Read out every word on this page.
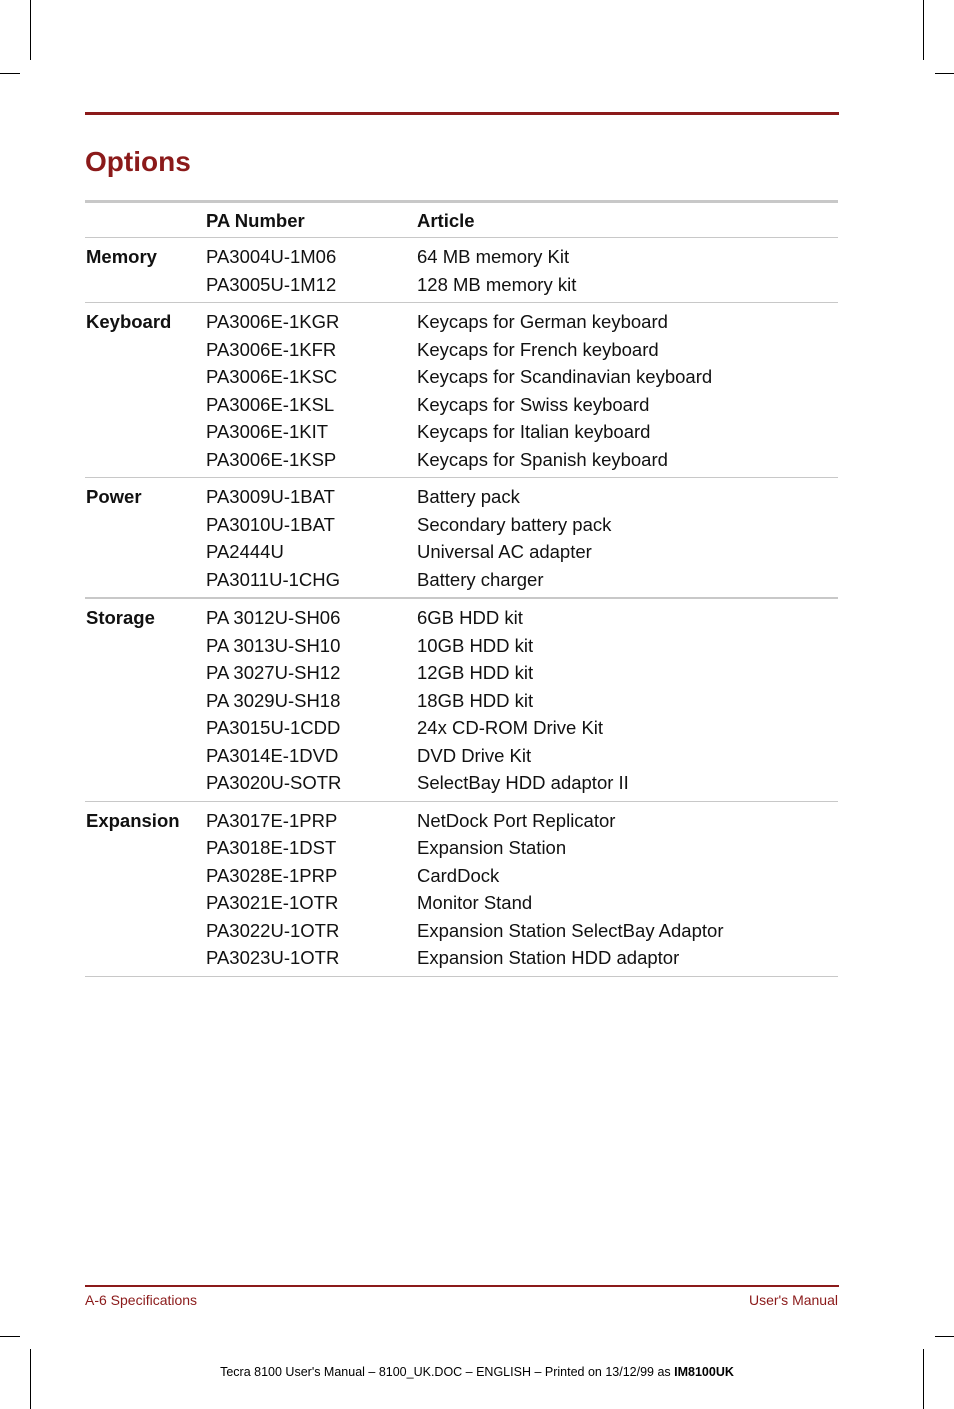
Options
PA Number	Article
Memory	PA3004U-1M06	64 MB memory Kit
PA3005U-1M12	128 MB memory kit
Keyboard PA3006E-1KGR	Keycaps for German keyboard
PA3006E-1KFR	Keycaps for French keyboard
PA3006E-1KSC	Keycaps for Scandinavian keyboard
PA3006E-1KSL	Keycaps for Swiss keyboard
PA3006E-1KIT	Keycaps for Italian keyboard
PA3006E-1KSP	Keycaps for Spanish keyboard
Power	PA3009U-1BAT	Battery pack
PA3010U-1BAT	Secondary battery pack
PA2444U	Universal AC adapter
PA3011U-1CHG	Battery charger
Storage	PA 3012U-SH06	6GB HDD kit
PA 3013U-SH10	10GB HDD kit
PA 3027U-SH12	12GB HDD kit
PA 3029U-SH18	18GB HDD kit
PA3015U-1CDD	24x CD-ROM Drive Kit
PA3014E-1DVD	DVD Drive Kit
PA3020U-SOTR	SelectBay HDD adaptor II
Expansion PA3017E-1PRP	NetDock Port Replicator
PA3018E-1DST	Expansion Station
PA3028E-1PRP	CardDock
PA3021E-1OTR	Monitor Stand
PA3022U-1OTR	Expansion Station SelectBay Adaptor
PA3023U-1OTR	Expansion Station HDD adaptor
A-6 Specifications	User's Manual
Tecra 8100 User's Manual – 8100_UK.DOC – ENGLISH – Printed on 13/12/99 as IM8100UK
